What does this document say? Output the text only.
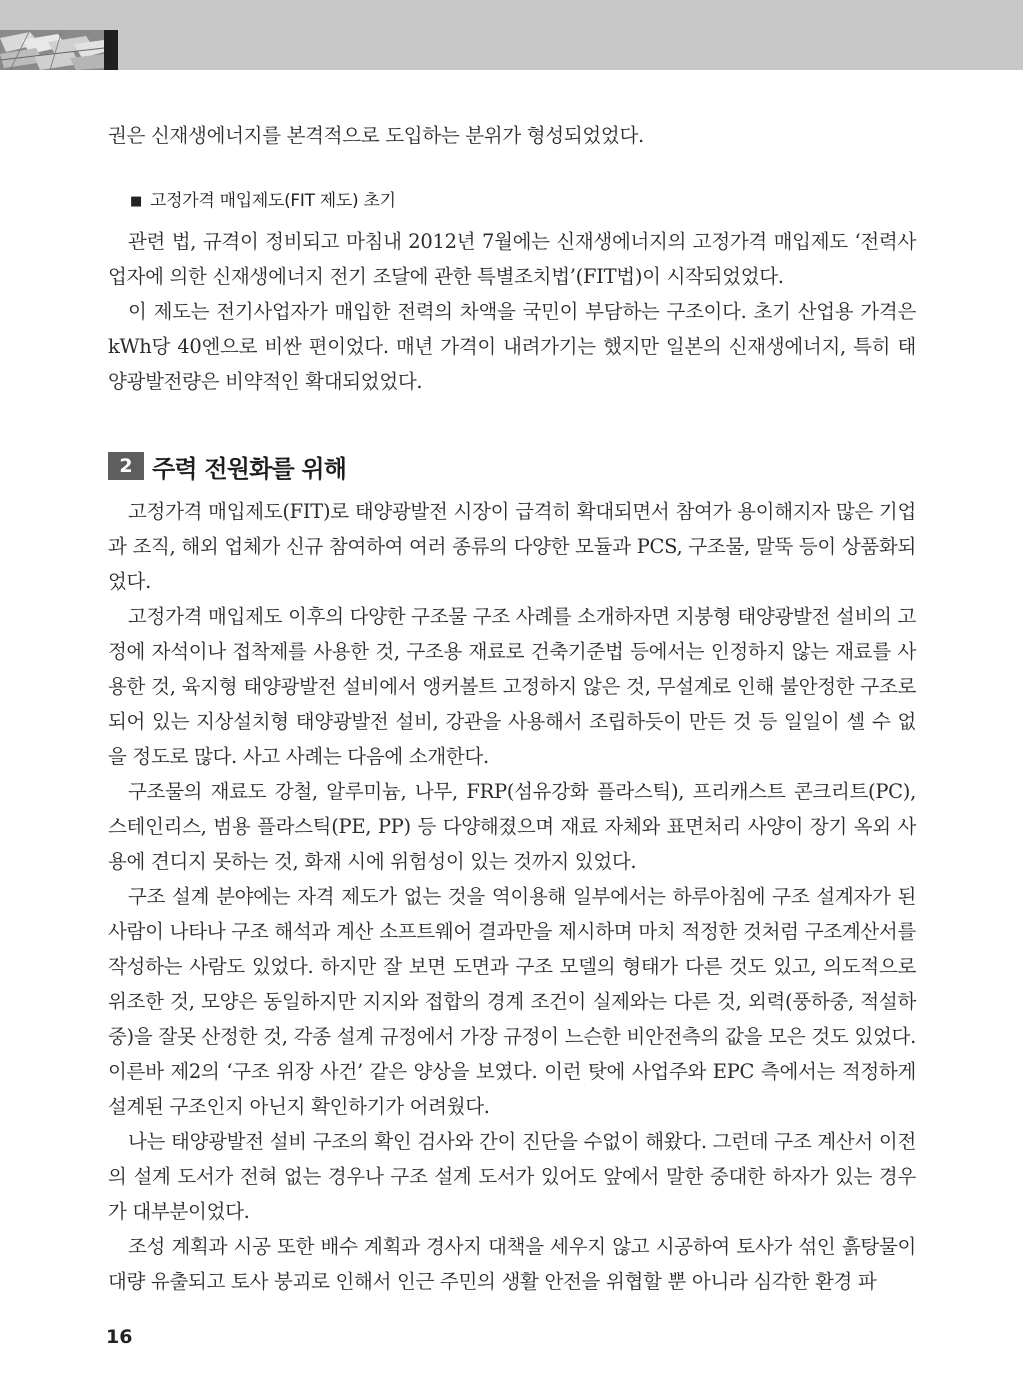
권은 신재생에너지를 본격적으로 도입하는 분위가 형성되었었다.

■ 고정가격 매입제도(FIT 제도) 초기

관련 법, 규격이 정비되고 마침내 2012년 7월에는 신재생에너지의 고정가격 매입제도 ‘전력사업자에 의한 신재생에너지 전기 조달에 관한 특별조치법’(FIT법)이 시작되었었다.

이 제도는 전기사업자가 매입한 전력의 차액을 국민이 부담하는 구조이다. 초기 산업용 가격은 kWh당 40엔으로 비싼 편이었다. 매년 가격이 내려가기는 했지만 일본의 신재생에너지, 특히 태양광발전량은 비약적인 확대되었었다.

2 주력 전원화를 위해

고정가격 매입제도(FIT)로 태양광발전 시장이 급격히 확대되면서 참여가 용이해지자 많은 기업과 조직, 해외 업체가 신규 참여하여 여러 종류의 다양한 모듈과 PCS, 구조물, 말뚝 등이 상품화되었다.

고정가격 매입제도 이후의 다양한 구조물 구조 사례를 소개하자면 지붕형 태양광발전 설비의 고정에 자석이나 접착제를 사용한 것, 구조용 재료로 건축기준법 등에서는 인정하지 않는 재료를 사용한 것, 육지형 태양광발전 설비에서 앵커볼트 고정하지 않은 것, 무설계로 인해 불안정한 구조로 되어 있는 지상설치형 태양광발전 설비, 강관을 사용해서 조립하듯이 만든 것 등 일일이 셀 수 없을 정도로 많다. 사고 사례는 다음에 소개한다.

구조물의 재료도 강철, 알루미늄, 나무, FRP(섬유강화 플라스틱), 프리캐스트 콘크리트(PC), 스테인리스, 범용 플라스틱(PE, PP) 등 다양해졌으며 재료 자체와 표면처리 사양이 장기 옥외 사용에 견디지 못하는 것, 화재 시에 위험성이 있는 것까지 있었다.

구조 설계 분야에는 자격 제도가 없는 것을 역이용해 일부에서는 하루아침에 구조 설계자가 된 사람이 나타나 구조 해석과 계산 소프트웨어 결과만을 제시하며 마치 적정한 것처럼 구조계산서를 작성하는 사람도 있었다. 하지만 잘 보면 도면과 구조 모델의 형태가 다른 것도 있고, 의도적으로 위조한 것, 모양은 동일하지만 지지와 접합의 경계 조건이 실제와는 다른 것, 외력(풍하중, 적설하중)을 잘못 산정한 것, 각종 설계 규정에서 가장 규정이 느슨한 비안전측의 값을 모은 것도 있었다. 이른바 제2의 ‘구조 위장 사건’ 같은 양상을 보였다. 이런 탓에 사업주와 EPC 측에서는 적정하게 설계된 구조인지 아닌지 확인하기가 어려웠다.

나는 태양광발전 설비 구조의 확인 검사와 간이 진단을 수없이 해왔다. 그런데 구조 계산서 이전의 설계 도서가 전혀 없는 경우나 구조 설계 도서가 있어도 앞에서 말한 중대한 하자가 있는 경우가 대부분이었다.

조성 계획과 시공 또한 배수 계획과 경사지 대책을 세우지 않고 시공하여 토사가 섞인 흙탕물이 대량 유출되고 토사 붕괴로 인해서 인근 주민의 생활 안전을 위협할 뿐 아니라 심각한 환경 파

16
